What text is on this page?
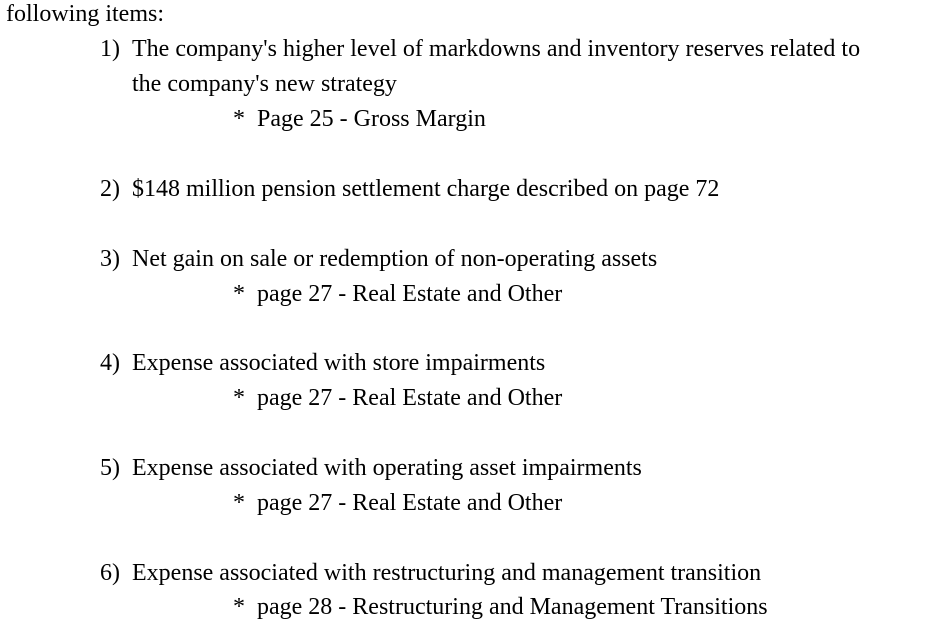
following items:
1) The company's higher level of markdowns and inventory reserves related to
the company's new strategy
* Page 25 - Gross Margin
2) $148 million pension settlement charge described on page 72
3) Net gain on sale or redemption of non-operating assets
* page 27 - Real Estate and Other
4) Expense associated with store impairments
* page 27 - Real Estate and Other
5) Expense associated with operating asset impairments
* page 27 - Real Estate and Other
6) Expense associated with restructuring and management transition
* page 28 - Restructuring and Management Transitions
